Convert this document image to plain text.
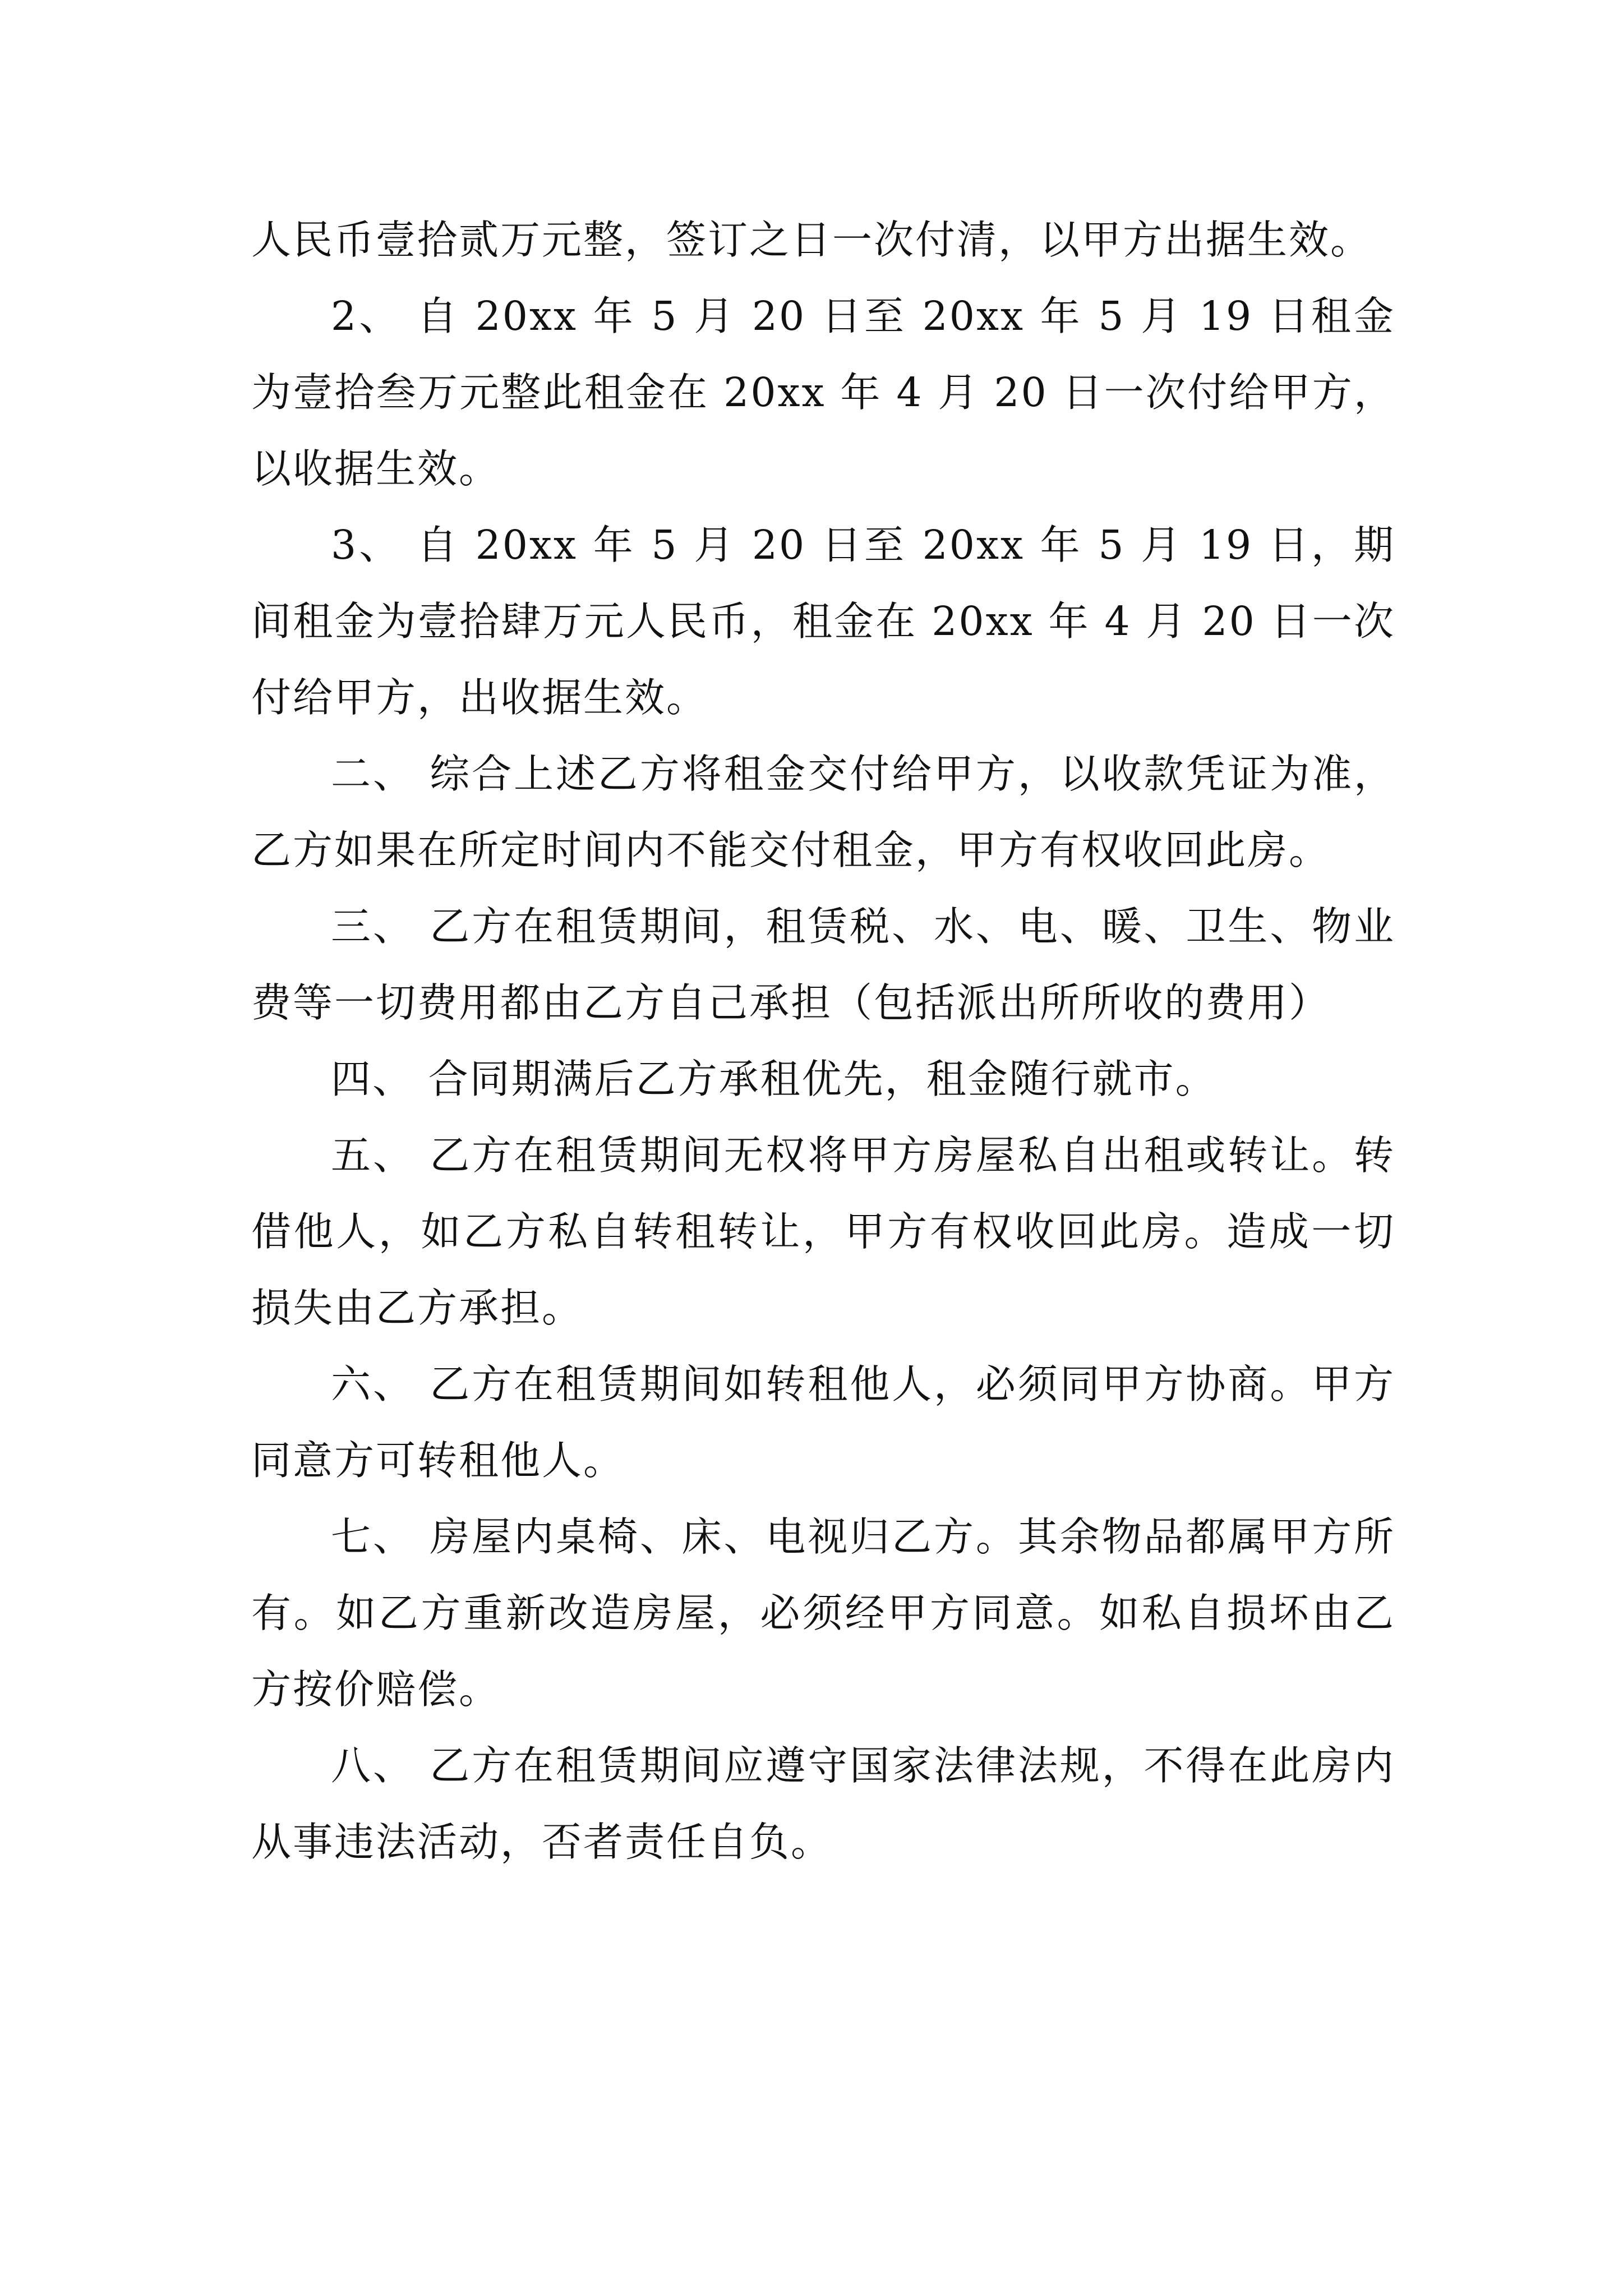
人民币壹拾贰万元整，签订之日一次付清，以甲方出据生效。

2、 自 20xx 年 5 月 20 日至 20xx 年 5 月 19 日租金为壹拾叁万元整此租金在 20xx 年 4 月 20 日一次付给甲方，以收据生效。

3、 自 20xx 年 5 月 20 日至 20xx 年 5 月 19 日，期间租金为壹拾肆万元人民币，租金在 20xx 年 4 月 20 日一次付给甲方，出收据生效。

二、 综合上述乙方将租金交付给甲方，以收款凭证为准，乙方如果在所定时间内不能交付租金，甲方有权收回此房。

三、 乙方在租赁期间，租赁税、水、电、暖、卫生、物业费等一切费用都由乙方自己承担（包括派出所所收的费用）

四、 合同期满后乙方承租优先，租金随行就市。

五、 乙方在租赁期间无权将甲方房屋私自出租或转让。转借他人，如乙方私自转租转让，甲方有权收回此房。造成一切损失由乙方承担。

六、 乙方在租赁期间如转租他人，必须同甲方协商。甲方同意方可转租他人。

七、 房屋内桌椅、床、电视归乙方。其余物品都属甲方所有。如乙方重新改造房屋，必须经甲方同意。如私自损坏由乙方按价赔偿。

八、 乙方在租赁期间应遵守国家法律法规，不得在此房内从事违法活动，否者责任自负。
